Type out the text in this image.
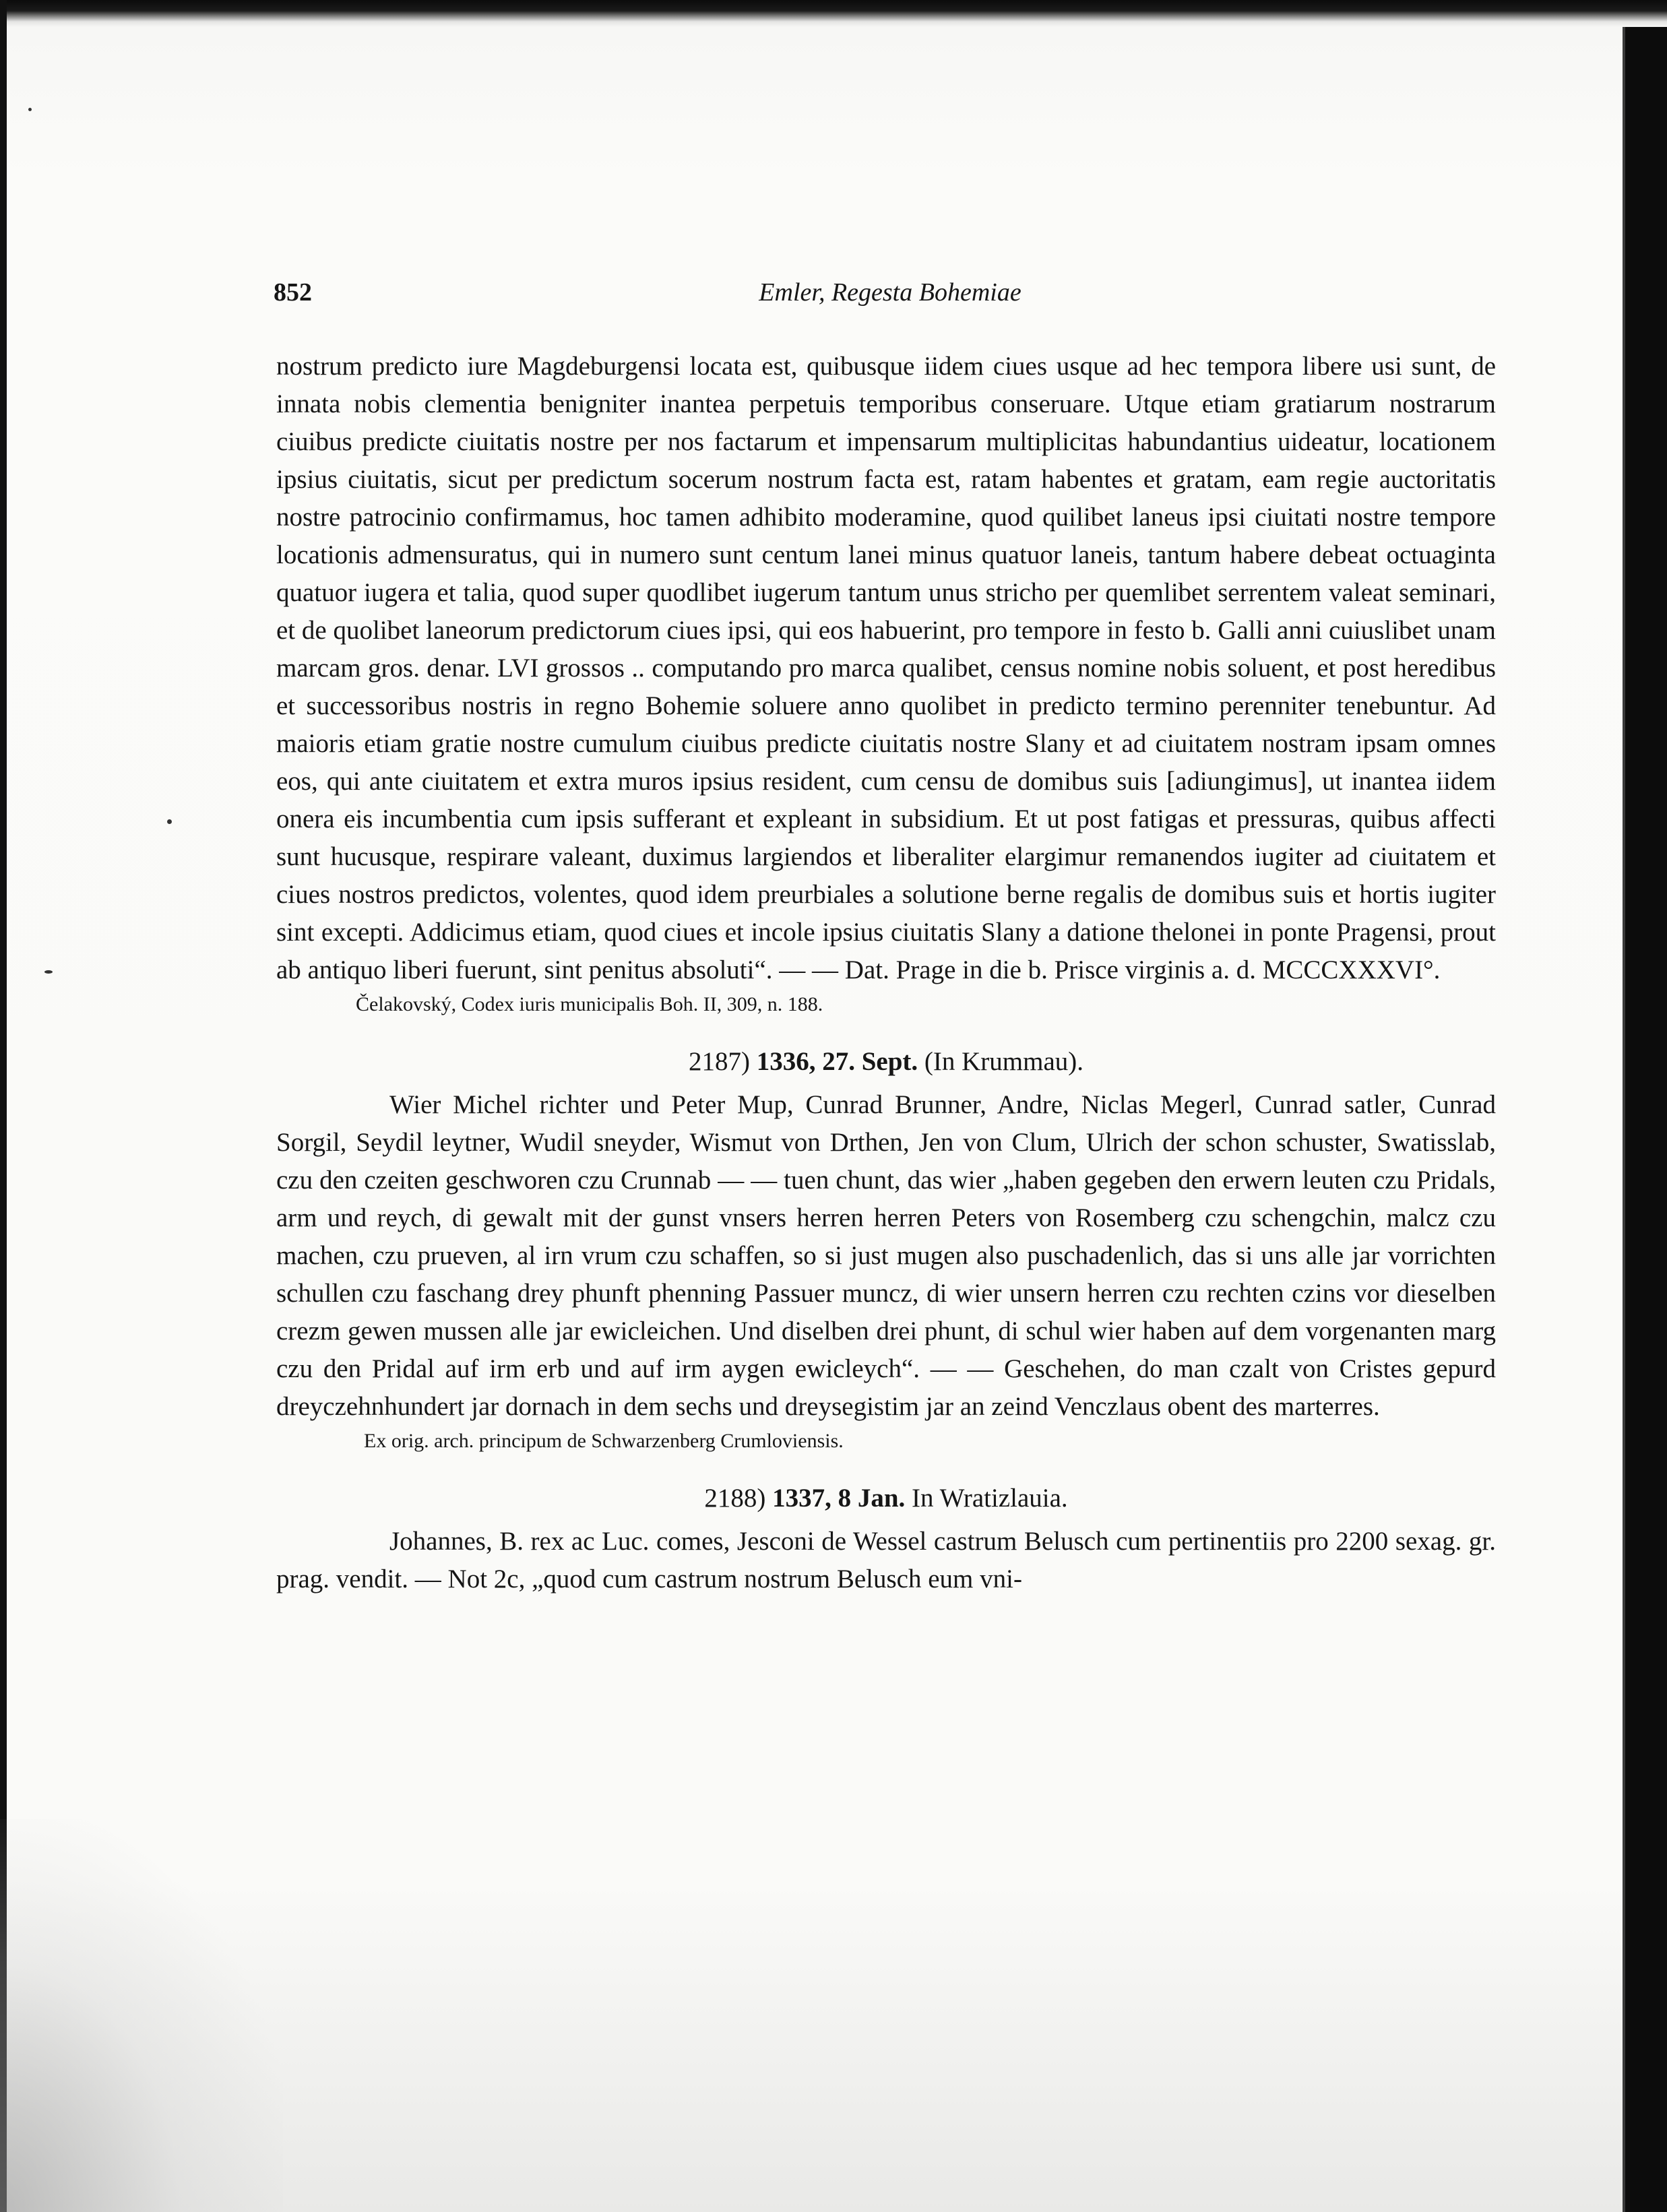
852	Emler, Regesta Bohemiae

nostrum predicto iure Magdeburgensi locata est, quibusque iidem ciues usque ad hec tempora libere usi sunt, de innata nobis clementia benigniter inantea perpetuis temporibus conseruare. Utque etiam gratiarum nostrarum ciuibus predicte ciuitatis nostre per nos factarum et impensarum multiplicitas habundantius uideatur, locationem ipsius ciuitatis, sicut per predictum socerum nostrum facta est, ratam habentes et gratam, eam regie auctoritatis nostre patrocinio confirmamus, hoc tamen adhibito moderamine, quod quilibet laneus ipsi ciuitati nostre tempore locationis admensuratus, qui in numero sunt centum lanei minus quatuor laneis, tantum habere debeat octuaginta quatuor iugera et talia, quod super quodlibet iugerum tantum unus stricho per quemlibet serrentem valeat seminari, et de quolibet laneorum predictorum ciues ipsi, qui eos habuerint, pro tempore in festo b. Galli anni cuiuslibet unam marcam gros. denar. LVI grossos .. computando pro marca qualibet, census nomine nobis soluent, et post heredibus et successoribus nostris in regno Bohemie soluere anno quolibet in predicto termino perenniter tenebuntur. Ad maioris etiam gratie nostre cumulum ciuibus predicte ciuitatis nostre Slany et ad ciuitatem nostram ipsam omnes eos, qui ante ciuitatem et extra muros ipsius resident, cum censu de domibus suis [adiungimus], ut inantea iidem onera eis incumbentia cum ipsis sufferant et expleant in subsidium. Et ut post fatigas et pressuras, quibus affecti sunt hucusque, respirare valeant, duximus largiendos et liberaliter elargimur remanendos iugiter ad ciuitatem et ciues nostros predictos, volentes, quod idem preurbiales a solutione berne regalis de domibus suis et hortis iugiter sint excepti. Addicimus etiam, quod ciues et incole ipsius ciuitatis Slany a datione thelonei in ponte Pragensi, prout ab antiquo liberi fuerunt, sint penitus absoluti“. — — Dat. Prage in die b. Prisce virginis a. d. MCCCXXXVI°.

Čelakovský, Codex iuris municipalis Boh. II, 309, n. 188.

2187) 1336, 27. Sept. (In Krummau).

Wier Michel richter und Peter Mup, Cunrad Brunner, Andre, Niclas Megerl, Cunrad satler, Cunrad Sorgil, Seydil leytner, Wudil sneyder, Wismut von Drthen, Jen von Clum, Ulrich der schon schuster, Swatisslab, czu den czeiten geschworen czu Crunnab — — tuen chunt, das wier „haben gegeben den erwern leuten czu Pridals, arm und reych, di gewalt mit der gunst vnsers herren herren Peters von Rosemberg czu schengchin, malcz czu machen, czu prueven, al irn vrum czu schaffen, so si just mugen also puschadenlich, das si uns alle jar vorrichten schullen czu faschang drey phunft phenning Passuer muncz, di wier unsern herren czu rechten czins vor dieselben crezm gewen mussen alle jar ewicleichen. Und diselben drei phunt, di schul wier haben auf dem vorgenanten marg czu den Pridal auf irm erb und auf irm aygen ewicleych“. — — Geschehen, do man czalt von Cristes gepurd dreyczehnhundert jar dornach in dem sechs und dreysegistim jar an zeind Venczlaus obent des marterres.

Ex orig. arch. principum de Schwarzenberg Crumloviensis.

2188) 1337, 8 Jan. In Wratizlauia.

Johannes, B. rex ac Luc. comes, Jesconi de Wessel castrum Belusch cum pertinentiis pro 2200 sexag. gr. prag. vendit. — Not 2c, „quod cum castrum nostrum Belusch eum vni-
